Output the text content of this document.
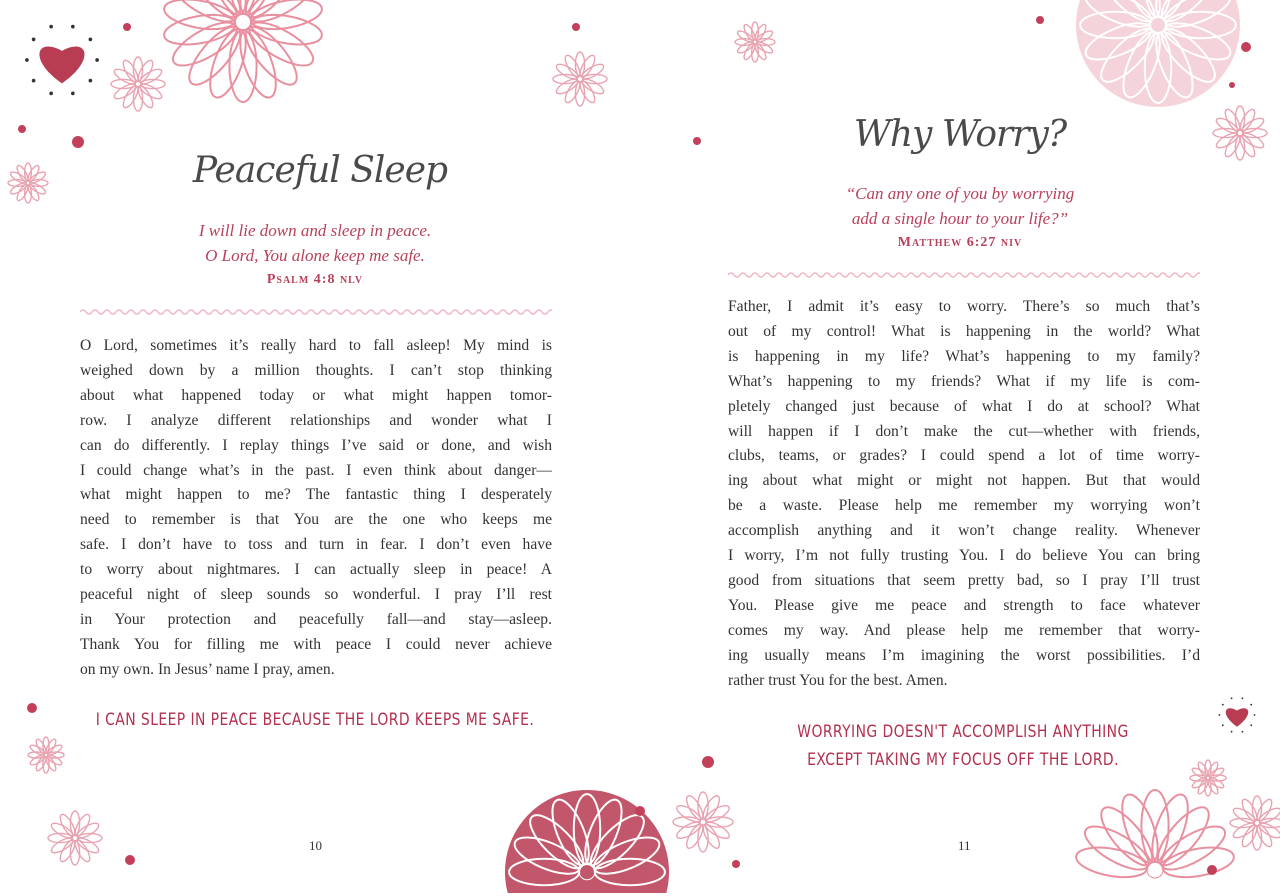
Peaceful Sleep
I will lie down and sleep in peace.
O Lord, You alone keep me safe.
Psalm 4:8 nlv
O Lord, sometimes it’s really hard to fall asleep! My mind is
weighed down by a million thoughts. I can’t stop thinking
about what happened today or what might happen tomor-
row. I analyze different relationships and wonder what I
can do differently. I replay things I’ve said or done, and wish
I could change what’s in the past. I even think about danger—
what might happen to me? The fantastic thing I desperately
need to remember is that You are the one who keeps me
safe. I don’t have to toss and turn in fear. I don’t even have
to worry about nightmares. I can actually sleep in peace! A
peaceful night of sleep sounds so wonderful. I pray I’ll rest
in Your protection and peacefully fall—and stay—asleep.
Thank You for filling me with peace I could never achieve
on my own. In Jesus’ name I pray, amen.
I CAN SLEEP IN PEACE BECAUSE THE LORD KEEPS ME SAFE.
10
Why Worry?
“Can any one of you by worrying
add a single hour to your life?”
Matthew 6:27 niv
Father, I admit it’s easy to worry. There’s so much that’s
out of my control! What is happening in the world? What
is happening in my life? What’s happening to my family?
What’s happening to my friends? What if my life is com-
pletely changed just because of what I do at school? What
will happen if I don’t make the cut—whether with friends,
clubs, teams, or grades? I could spend a lot of time worry-
ing about what might or might not happen. But that would
be a waste. Please help me remember my worrying won’t
accomplish anything and it won’t change reality. Whenever
I worry, I’m not fully trusting You. I do believe You can bring
good from situations that seem pretty bad, so I pray I’ll trust
You. Please give me peace and strength to face whatever
comes my way. And please help me remember that worry-
ing usually means I’m imagining the worst possibilities. I’d
rather trust You for the best. Amen.
WORRYING DOESN'T ACCOMPLISH ANYTHING
EXCEPT TAKING MY FOCUS OFF THE LORD.
11
